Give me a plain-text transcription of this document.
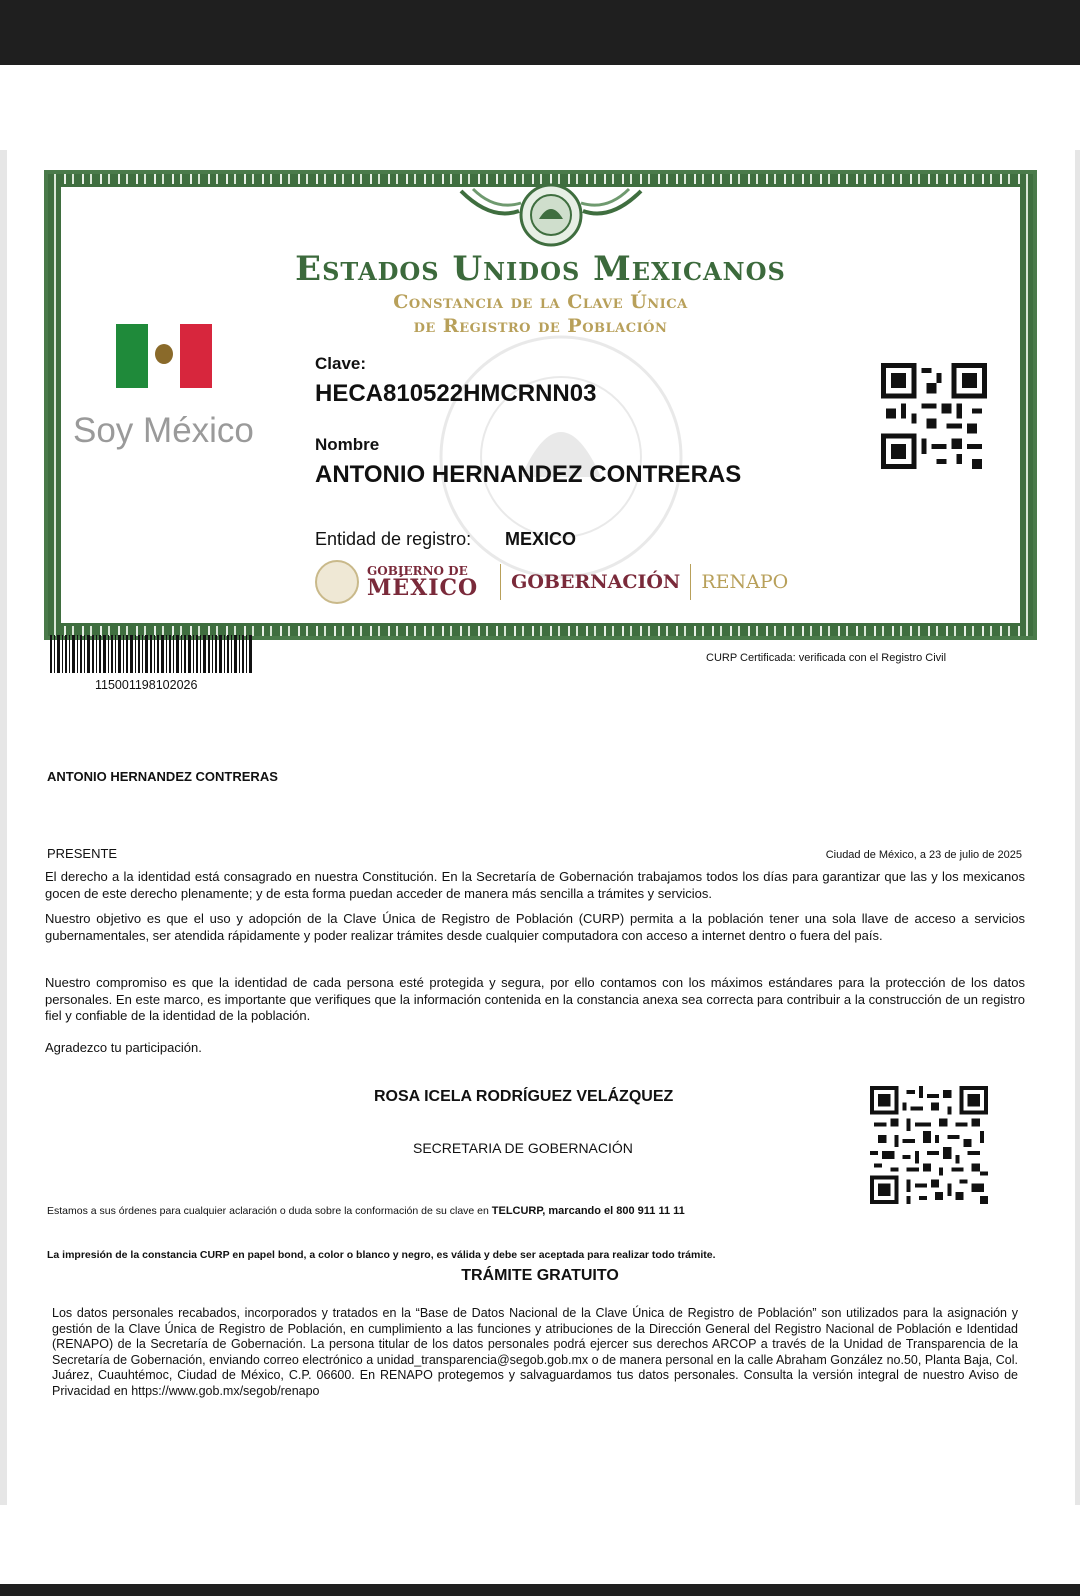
Estados Unidos Mexicanos
Constancia de la Clave Única
de Registro de Población
Soy México
Clave:
HECA810522HMCRNN03
Nombre
ANTONIO HERNANDEZ CONTRERAS
Entidad de registro: MEXICO
GOBIERNO DE
MÉXICO GOBERNACIÓN RENAPO
115001198102026
CURP Certificada: verificada con el Registro Civil
ANTONIO HERNANDEZ CONTRERAS
PRESENTE	Ciudad de México, a 23 de julio de 2025
El derecho a la identidad está consagrado en nuestra Constitución. En la Secretaría de Gobernación trabajamos todos los días para garantizar que las y los mexicanos gocen de este derecho plenamente; y de esta forma puedan acceder de manera más sencilla a trámites y servicios.
Nuestro objetivo es que el uso y adopción de la Clave Única de Registro de Población (CURP) permita a la población tener una sola llave de acceso a servicios gubernamentales, ser atendida rápidamente y poder realizar trámites desde cualquier computadora con acceso a internet dentro o fuera del país.
Nuestro compromiso es que la identidad de cada persona esté protegida y segura, por ello contamos con los máximos estándares para la protección de los datos personales. En este marco, es importante que verifiques que la información contenida en la constancia anexa sea correcta para contribuir a la construcción de un registro fiel y confiable de la identidad de la población.
Agradezco tu participación.
ROSA ICELA RODRÍGUEZ VELÁZQUEZ
SECRETARIA DE GOBERNACIÓN
Estamos a sus órdenes para cualquier aclaración o duda sobre la conformación de su clave en TELCURP, marcando el 800 911 11 11
La impresión de la constancia CURP en papel bond, a color o blanco y negro, es válida y debe ser aceptada para realizar todo trámite.
TRÁMITE GRATUITO
Los datos personales recabados, incorporados y tratados en la “Base de Datos Nacional de la Clave Única de Registro de Población” son utilizados para la asignación y gestión de la Clave Única de Registro de Población, en cumplimiento a las funciones y atribuciones de la Dirección General del Registro Nacional de Población e Identidad (RENAPO) de la Secretaría de Gobernación. La persona titular de los datos personales podrá ejercer sus derechos ARCOP a través de la Unidad de Transparencia de la Secretaría de Gobernación, enviando correo electrónico a unidad_transparencia@segob.gob.mx o de manera personal en la calle Abraham González no.50, Planta Baja, Col. Juárez, Cuauhtémoc, Ciudad de México, C.P. 06600. En RENAPO protegemos y salvaguardamos tus datos personales. Consulta la versión integral de nuestro Aviso de Privacidad en https://www.gob.mx/segob/renapo
